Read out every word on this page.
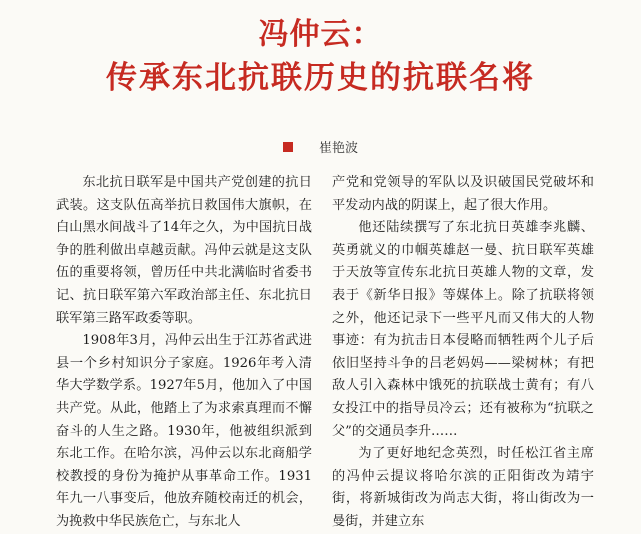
冯仲云：
传承东北抗联历史的抗联名将
崔艳波

东北抗日联军是中国共产党创建的抗日武装。这支队伍高举抗日救国伟大旗帜，在白山黑水间战斗了14年之久，为中国抗日战争的胜利做出卓越贡献。冯仲云就是这支队伍的重要将领，曾历任中共北满临时省委书记、抗日联军第六军政治部主任、东北抗日联军第三路军政委等职。

1908年3月，冯仲云出生于江苏省武进县一个乡村知识分子家庭。1926年考入清华大学数学系。1927年5月，他加入了中国共产党。从此，他踏上了为求索真理而不懈奋斗的人生之路。1930年，他被组织派到东北工作。在哈尔滨，冯仲云以东北商船学校教授的身份为掩护从事革命工作。1931年九一八事变后，他放弃随校南迁的机会，为挽救中华民族危亡，与东北人

产党和党领导的军队以及识破国民党破坏和平发动内战的阴谋上，起了很大作用。

他还陆续撰写了东北抗日英雄李兆麟、英勇就义的巾帼英雄赵一曼、抗日联军英雄于天放等宣传东北抗日英雄人物的文章，发表于《新华日报》等媒体上。除了抗联将领之外，他还记录下一些平凡而又伟大的人物事迹：有为抗击日本侵略而牺牲两个儿子后依旧坚持斗争的吕老妈妈——梁树林；有把敌人引入森林中饿死的抗联战士黄有；有八女投江中的指导员冷云；还有被称为“抗联之父”的交通员李升……

为了更好地纪念英烈，时任松江省主席的冯仲云提议将哈尔滨的正阳街改为靖宇街，将新城街改为尚志大街，将山街改为一曼街，并建立东
